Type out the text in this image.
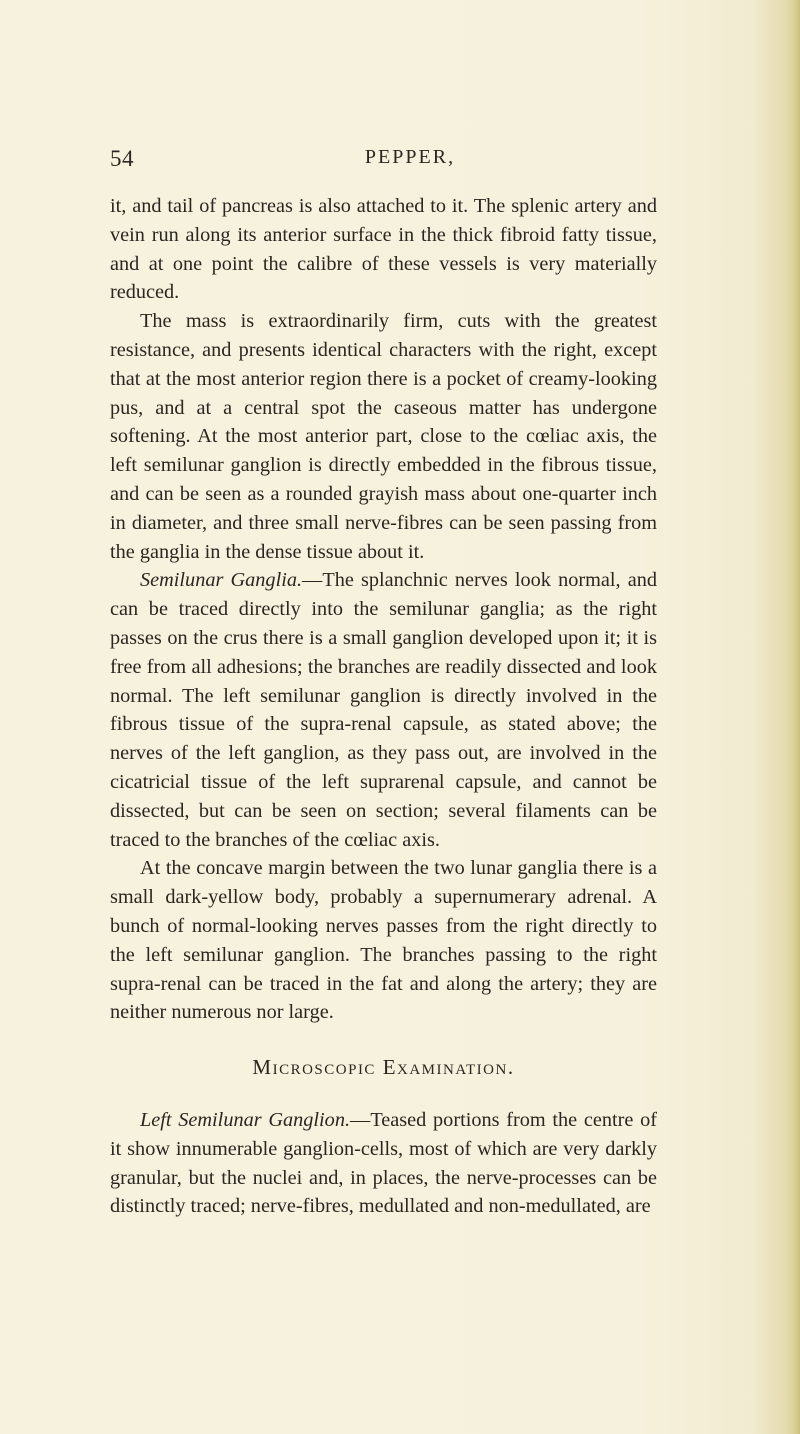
54	PEPPER,

it, and tail of pancreas is also attached to it. The splenic artery and vein run along its anterior surface in the thick fibroid fatty tissue, and at one point the calibre of these vessels is very materially reduced.

The mass is extraordinarily firm, cuts with the greatest resistance, and presents identical characters with the right, except that at the most anterior region there is a pocket of creamy-looking pus, and at a central spot the caseous matter has undergone softening. At the most anterior part, close to the cœliac axis, the left semilunar ganglion is directly embedded in the fibrous tissue, and can be seen as a rounded grayish mass about one-quarter inch in diameter, and three small nerve-fibres can be seen passing from the ganglia in the dense tissue about it.

Semilunar Ganglia.—The splanchnic nerves look normal, and can be traced directly into the semilunar ganglia; as the right passes on the crus there is a small ganglion developed upon it; it is free from all adhesions; the branches are readily dissected and look normal. The left semilunar ganglion is directly involved in the fibrous tissue of the supra-renal capsule, as stated above; the nerves of the left ganglion, as they pass out, are involved in the cicatricial tissue of the left suprarenal capsule, and cannot be dissected, but can be seen on section; several filaments can be traced to the branches of the cœliac axis.

At the concave margin between the two lunar ganglia there is a small dark-yellow body, probably a supernumerary adrenal. A bunch of normal-looking nerves passes from the right directly to the left semilunar ganglion. The branches passing to the right supra-renal can be traced in the fat and along the artery; they are neither numerous nor large.

Microscopic Examination.

Left Semilunar Ganglion.—Teased portions from the centre of it show innumerable ganglion-cells, most of which are very darkly granular, but the nuclei and, in places, the nerve-processes can be distinctly traced; nerve-fibres, medullated and non-medullated, are
